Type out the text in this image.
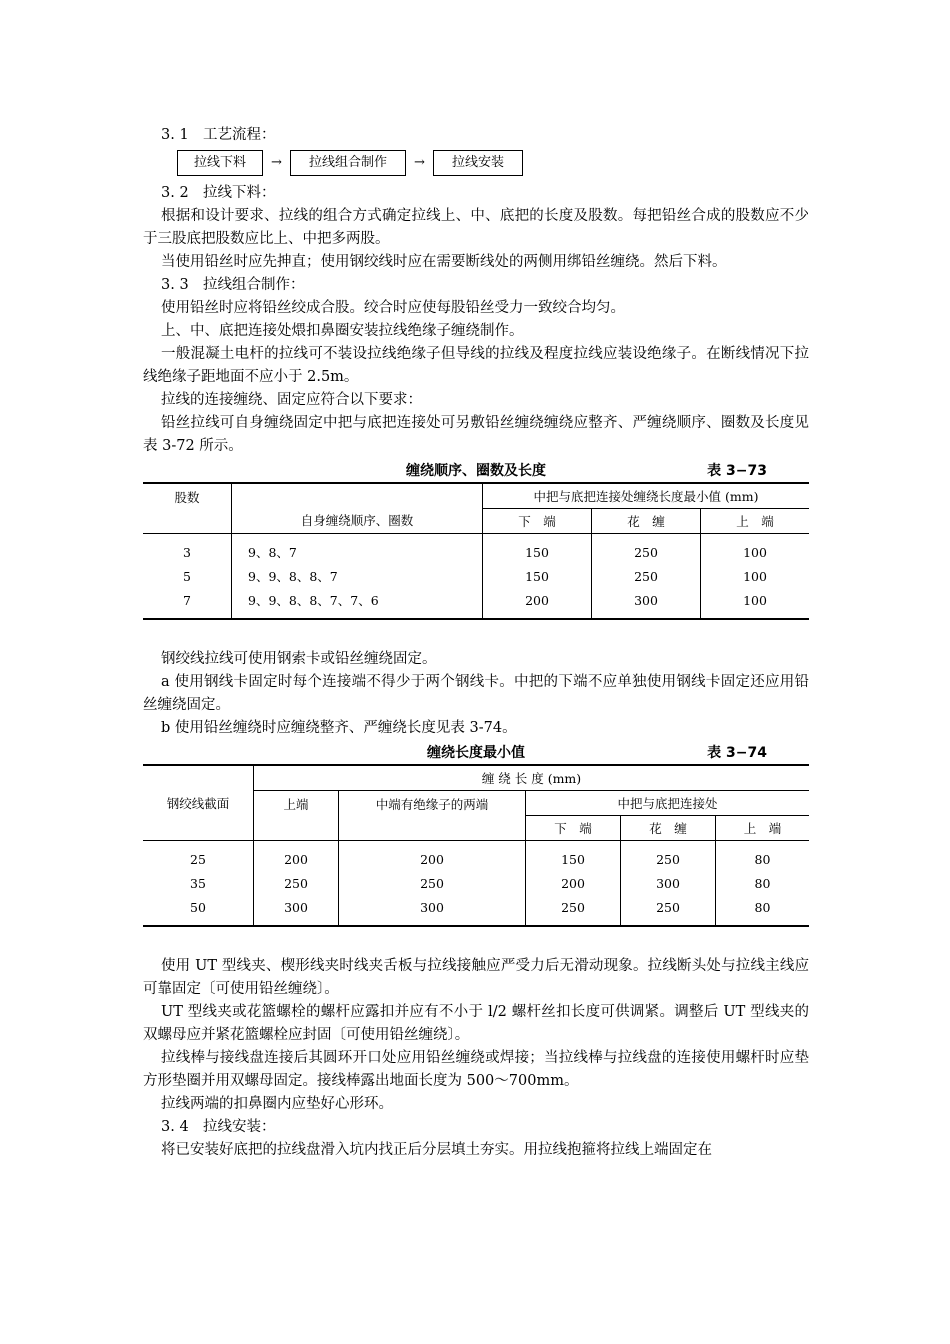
3. 1 工艺流程：

拉线下料	→	拉线组合制作	→	拉线安装

3. 2 拉线下料：

根据和设计要求、拉线的组合方式确定拉线上、中、底把的长度及股数。每把铅丝合成的股数应不少于三股底把股数应比上、中把多两股。

当使用铅丝时应先抻直；使用钢绞线时应在需要断线处的两侧用绑铅丝缠绕。然后下料。

3. 3 拉线组合制作：

使用铅丝时应将铅丝绞成合股。绞合时应使每股铅丝受力一致绞合均匀。

上、中、底把连接处煨扣鼻圈安装拉线绝缘子缠绕制作。

一般混凝土电杆的拉线可不装设拉线绝缘子但导线的拉线及程度拉线应装设绝缘子。在断线情况下拉线绝缘子距地面不应小于 2.5m。

拉线的连接缠绕、固定应符合以下要求：

铅丝拉线可自身缠绕固定中把与底把连接处可另敷铅丝缠绕缠绕应整齐、严缠绕顺序、圈数及长度见表 3-72 所示。

缠绕顺序、圈数及长度	表 3−73
股数	自身缠绕顺序、圈数	中把与底把连接处缠绕长度最小值 (mm)		
		下　端	花　缠	上　端
3	9、8、7	150	250	100
5	9、9、8、8、7	150	250	100
7	9、9、8、8、7、7、6	200	300	100

钢绞线拉线可使用钢索卡或铅丝缠绕固定。

a 使用钢线卡固定时每个连接端不得少于两个钢线卡。中把的下端不应单独使用钢线卡固定还应用铅丝缠绕固定。

b 使用铅丝缠绕时应缠绕整齐、严缠绕长度见表 3-74。

缠绕长度最小值	表 3−74
钢绞线截面	缠 绕 长 度 (mm)				
	上端	中端有绝缘子的两端	中把与底把连接处		
			下　端	花　缠	上　端
25	200	200	150	250	80
35	250	250	200	300	80
50	300	300	250	250	80

使用 UT 型线夹、楔形线夹时线夹舌板与拉线接触应严受力后无滑动现象。拉线断头处与拉线主线应可靠固定〔可使用铅丝缠绕〕。

UT 型线夹或花篮螺栓的螺杆应露扣并应有不小于 l/2 螺杆丝扣长度可供调紧。调整后 UT 型线夹的双螺母应并紧花篮螺栓应封固〔可使用铅丝缠绕〕。

拉线棒与接线盘连接后其圆环开口处应用铅丝缠绕或焊接；当拉线棒与拉线盘的连接使用螺杆时应垫方形垫圈并用双螺母固定。接线棒露出地面长度为 500～700mm。

拉线两端的扣鼻圈内应垫好心形环。

3. 4 拉线安装：

将已安装好底把的拉线盘滑入坑内找正后分层填土夯实。用拉线抱箍将拉线上端固定在
